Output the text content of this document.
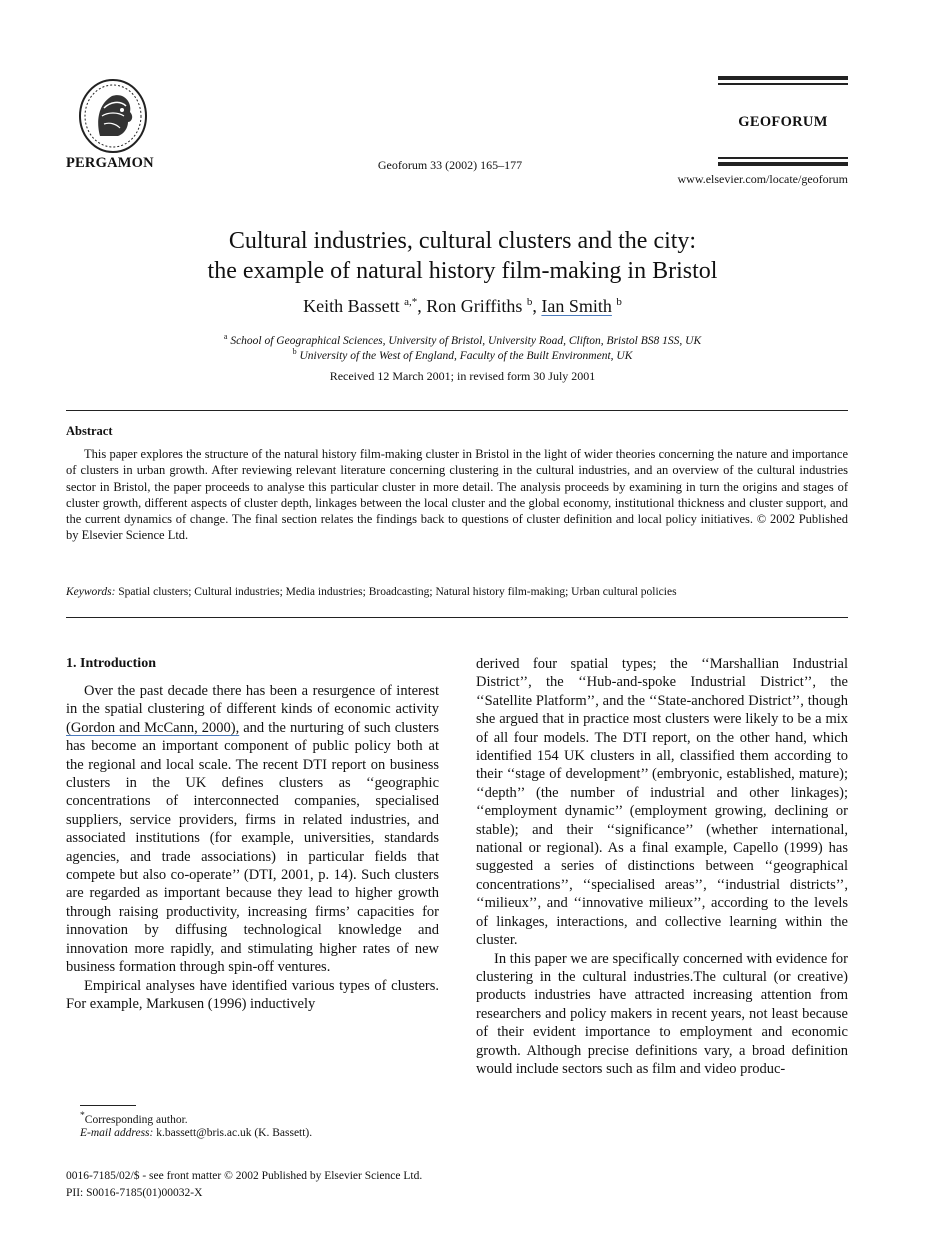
PERGAMON	Geoforum 33 (2002) 165–177
GEOFORUM
www.elsevier.com/locate/geoforum
Cultural industries, cultural clusters and the city:
the example of natural history film-making in Bristol
Keith Bassett $^{a,*}$, Ron Griffiths $^b$, Ian Smith $^b$
$^a$ School of Geographical Sciences, University of Bristol, University Road, Clifton, Bristol BS8 1SS, UK
$^b$ University of the West of England, Faculty of the Built Environment, UK
Received 12 March 2001; in revised form 30 July 2001
Abstract
This paper explores the structure of the natural history film-making cluster in Bristol in the light of wider theories concerning the nature and importance of clusters in urban growth. After reviewing relevant literature concerning clustering in the cultural industries, and an overview of the cultural industries sector in Bristol, the paper proceeds to analyse this particular cluster in more detail. The analysis proceeds by examining in turn the origins and stages of cluster growth, different aspects of cluster depth, linkages between the local cluster and the global economy, institutional thickness and cluster support, and the current dynamics of change. The final section relates the findings back to questions of cluster definition and local policy initiatives. © 2002 Published by Elsevier Science Ltd.
Keywords: Spatial clusters; Cultural industries; Media industries; Broadcasting; Natural history film-making; Urban cultural policies
1. Introduction

Over the past decade there has been a resurgence of interest in the spatial clustering of different kinds of economic activity (Gordon and McCann, 2000), and the nurturing of such clusters has become an important component of public policy both at the regional and local scale. The recent DTI report on business clusters in the UK defines clusters as ‘‘geographic concentrations of interconnected companies, specialised suppliers, service providers, firms in related industries, and associated institutions (for example, universities, standards agencies, and trade associations) in particular fields that compete but also co-operate’’ (DTI, 2001, p. 14). Such clusters are regarded as important because they lead to higher growth through raising productivity, increasing firms’ capacities for innovation by diffusing technological knowledge and innovation more rapidly, and stimulating higher rates of new business formation through spin-off ventures.

Empirical analyses have identified various types of clusters. For example, Markusen (1996) inductively

derived four spatial types; the ‘‘Marshallian Industrial District’’, the ‘‘Hub-and-spoke Industrial District’’, the ‘‘Satellite Platform’’, and the ‘‘State-anchored District’’, though she argued that in practice most clusters were likely to be a mix of all four models. The DTI report, on the other hand, which identified 154 UK clusters in all, classified them according to their ‘‘stage of development’’ (embryonic, established, mature); ‘‘depth’’ (the number of industrial and other linkages); ‘‘employment dynamic’’ (employment growing, declining or stable); and their ‘‘significance’’ (whether international, national or regional). As a final example, Capello (1999) has suggested a series of distinctions between ‘‘geographical concentrations’’, ‘‘specialised areas’’, ‘‘industrial districts’’, ‘‘milieux’’, and ‘‘innovative milieux’’, according to the levels of linkages, interactions, and collective learning within the cluster.

In this paper we are specifically concerned with evidence for clustering in the cultural industries.The cultural (or creative) products industries have attracted increasing attention from researchers and policy makers in recent years, not least because of their evident importance to employment and economic growth. Although precise definitions vary, a broad definition would include sectors such as film and video produc-

*Corresponding author.
E-mail address: k.bassett@bris.ac.uk (K. Bassett).
0016-7185/02/$ - see front matter © 2002 Published by Elsevier Science Ltd.
PII: S0016-7185(01)00032-X
